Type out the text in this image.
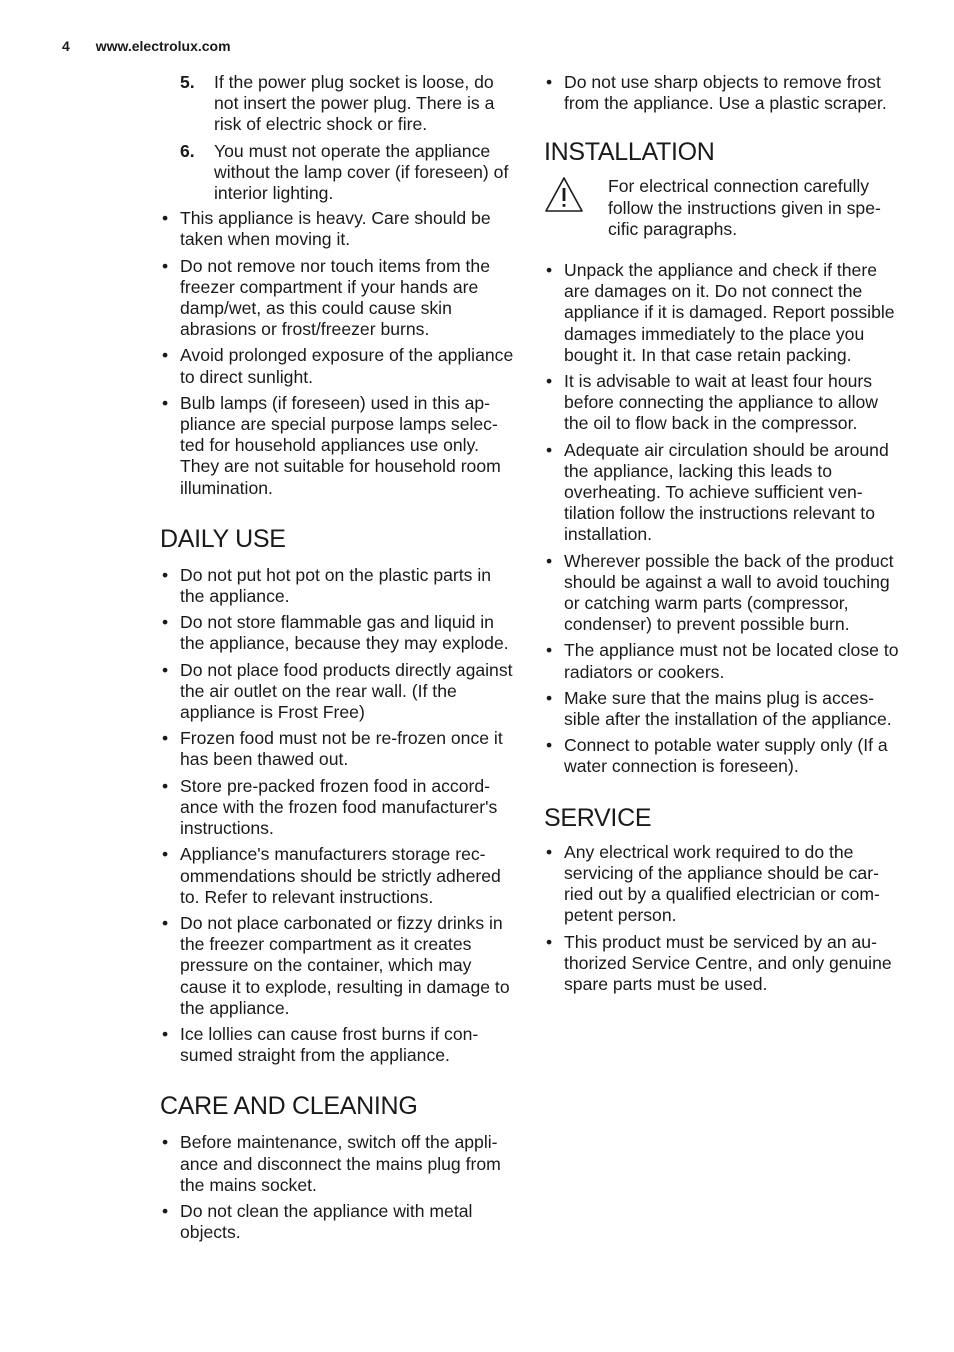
4 www.electrolux.com
5. If the power plug socket is loose, do not insert the power plug. There is a risk of electric shock or fire.
6. You must not operate the appliance without the lamp cover (if foreseen) of interior lighting.
• This appliance is heavy. Care should be taken when moving it.
• Do not remove nor touch items from the freezer compartment if your hands are damp/wet, as this could cause skin abrasions or frost/freezer burns.
• Avoid prolonged exposure of the appliance to direct sunlight.
• Bulb lamps (if foreseen) used in this appliance are special purpose lamps selected for household appliances use only. They are not suitable for household room illumination.
DAILY USE
• Do not put hot pot on the plastic parts in the appliance.
• Do not store flammable gas and liquid in the appliance, because they may explode.
• Do not place food products directly against the air outlet on the rear wall. (If the appliance is Frost Free)
• Frozen food must not be re-frozen once it has been thawed out.
• Store pre-packed frozen food in accordance with the frozen food manufacturer's instructions.
• Appliance's manufacturers storage recommendations should be strictly adhered to. Refer to relevant instructions.
• Do not place carbonated or fizzy drinks in the freezer compartment as it creates pressure on the container, which may cause it to explode, resulting in damage to the appliance.
• Ice lollies can cause frost burns if consumed straight from the appliance.
CARE AND CLEANING
• Before maintenance, switch off the appliance and disconnect the mains plug from the mains socket.
• Do not clean the appliance with metal objects.
• Do not use sharp objects to remove frost from the appliance. Use a plastic scraper.
INSTALLATION
For electrical connection carefully follow the instructions given in specific paragraphs.
• Unpack the appliance and check if there are damages on it. Do not connect the appliance if it is damaged. Report possible damages immediately to the place you bought it. In that case retain packing.
• It is advisable to wait at least four hours before connecting the appliance to allow the oil to flow back in the compressor.
• Adequate air circulation should be around the appliance, lacking this leads to overheating. To achieve sufficient ventilation follow the instructions relevant to installation.
• Wherever possible the back of the product should be against a wall to avoid touching or catching warm parts (compressor, condenser) to prevent possible burn.
• The appliance must not be located close to radiators or cookers.
• Make sure that the mains plug is accessible after the installation of the appliance.
• Connect to potable water supply only (If a water connection is foreseen).
SERVICE
• Any electrical work required to do the servicing of the appliance should be carried out by a qualified electrician or competent person.
• This product must be serviced by an authorized Service Centre, and only genuine spare parts must be used.
